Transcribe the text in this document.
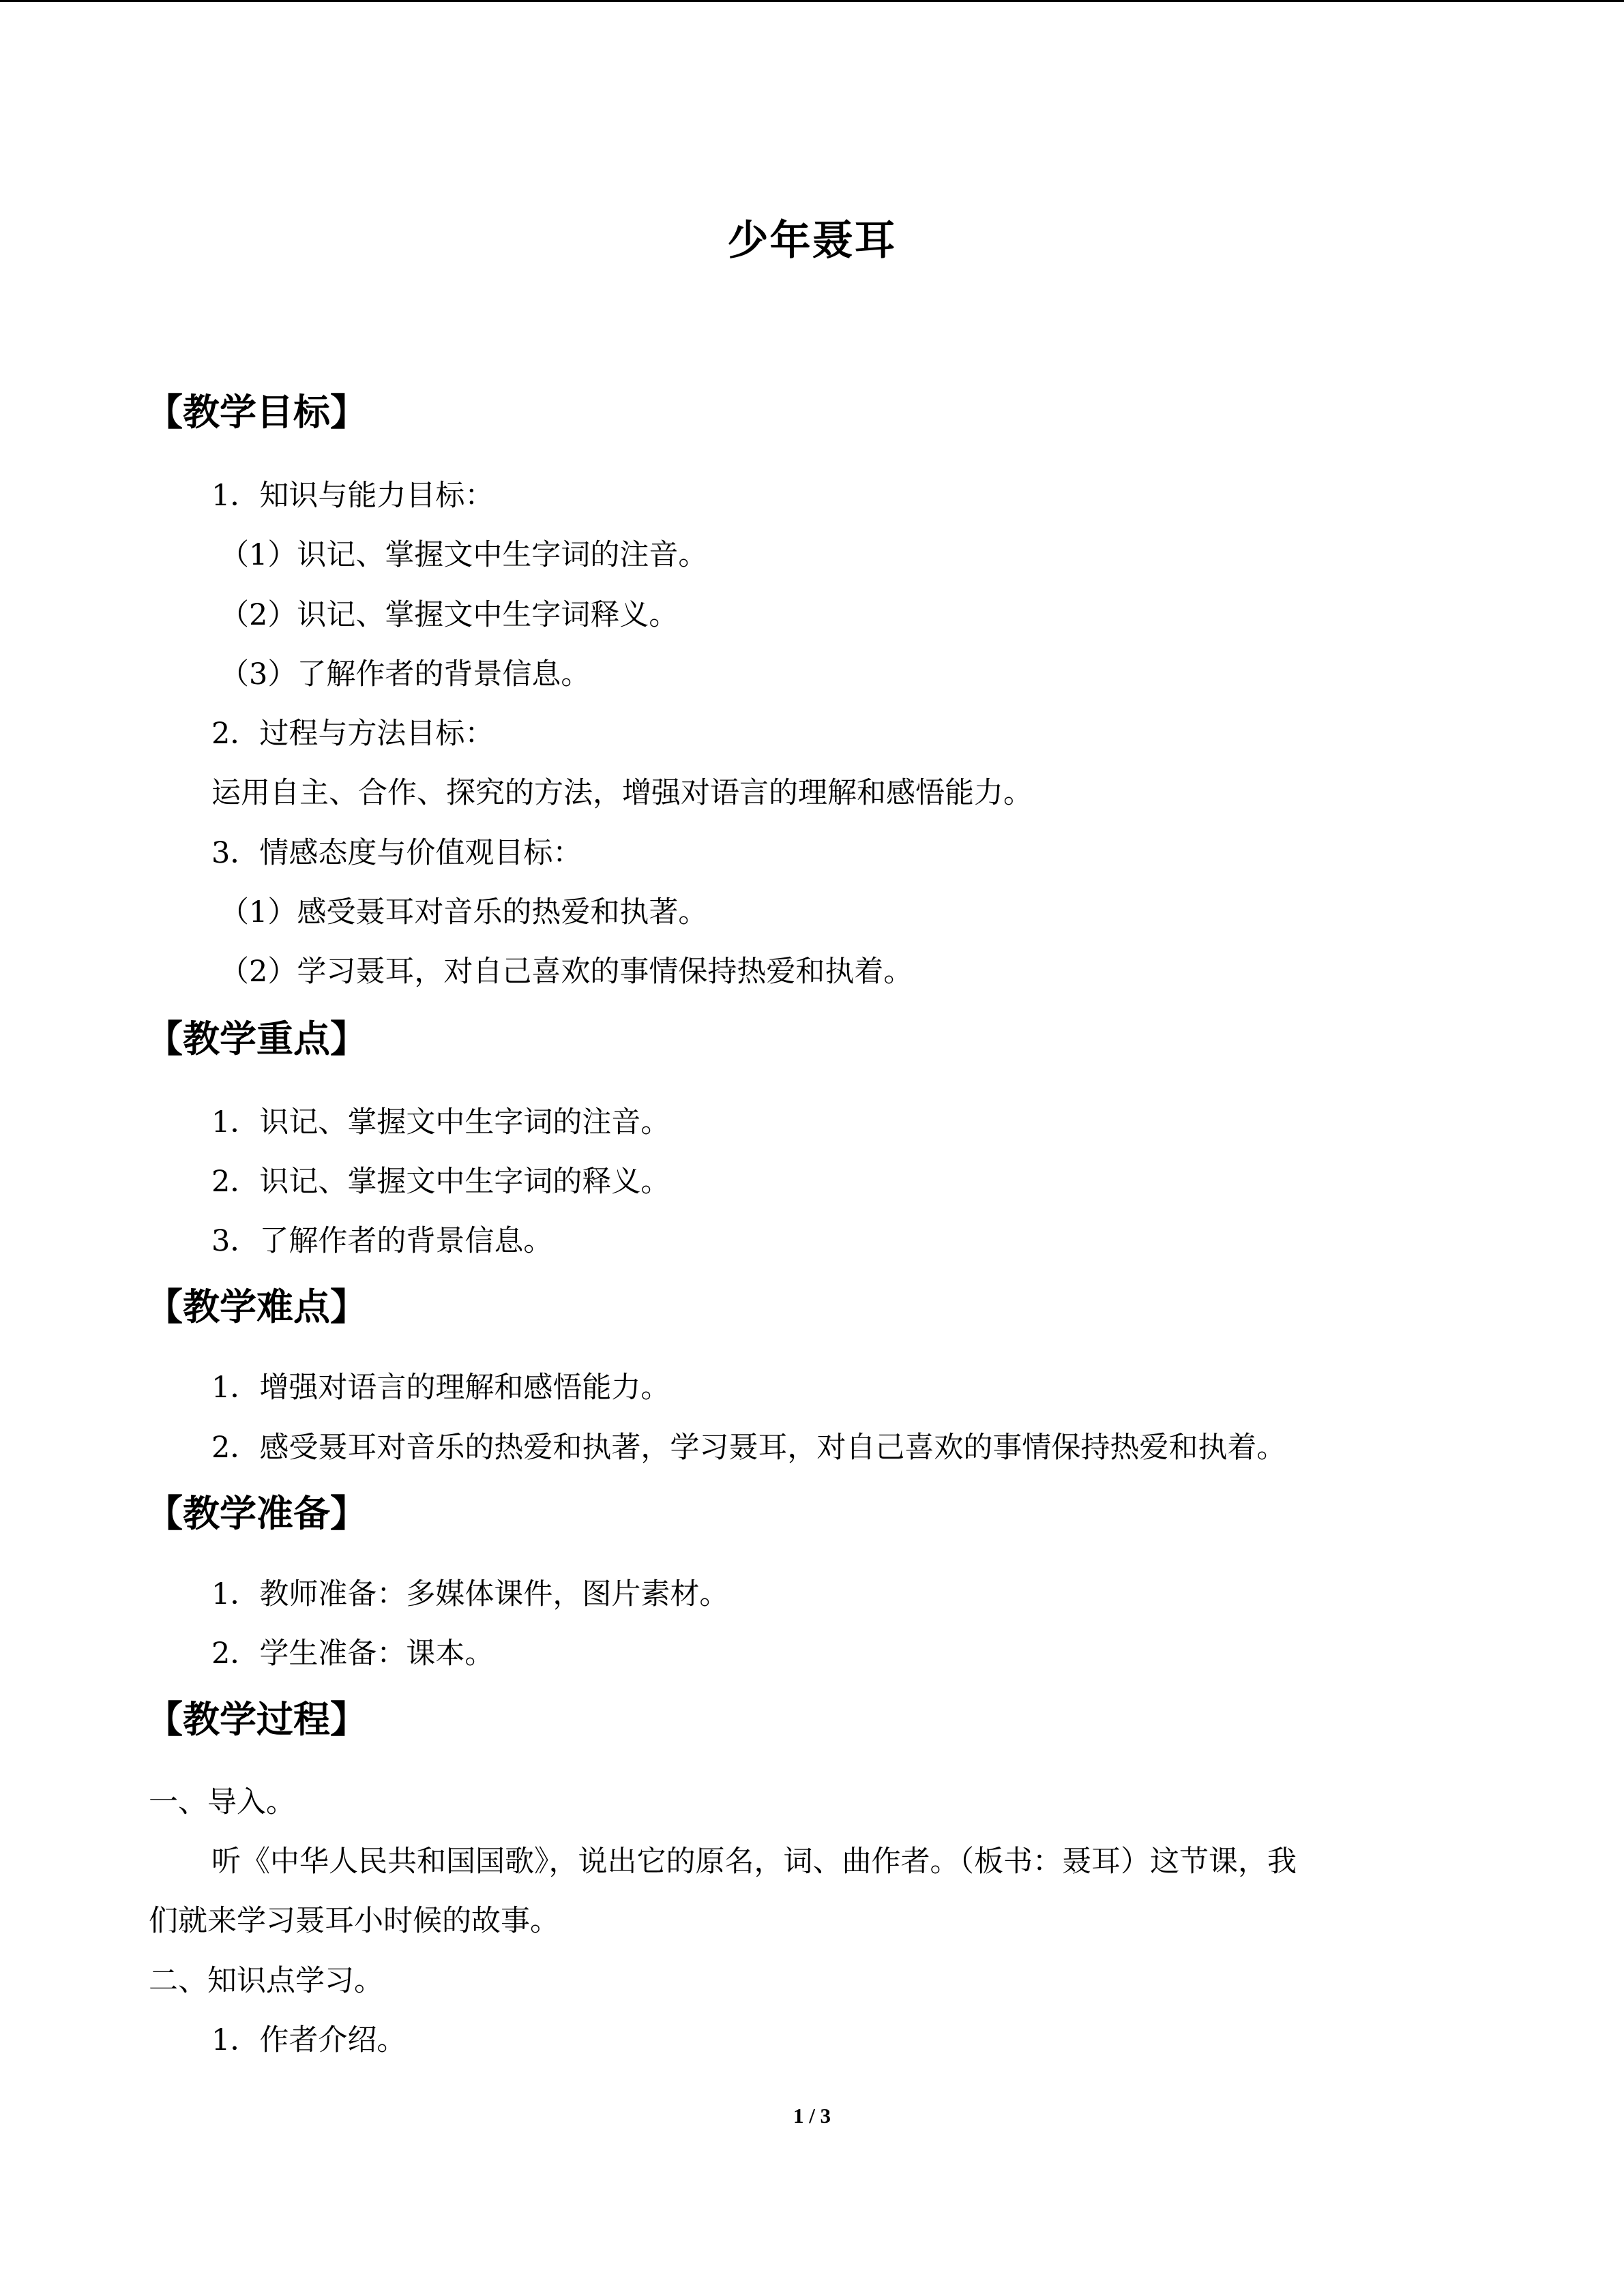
少年聂耳
【教学目标】
1．知识与能力目标：
（1）识记、掌握文中生字词的注音。
（2）识记、掌握文中生字词释义。
（3）了解作者的背景信息。
2．过程与方法目标：
运用自主、合作、探究的方法，增强对语言的理解和感悟能力。
3．情感态度与价值观目标：
（1）感受聂耳对音乐的热爱和执著。
（2）学习聂耳，对自己喜欢的事情保持热爱和执着。
【教学重点】
1．识记、掌握文中生字词的注音。
2．识记、掌握文中生字词的释义。
3．了解作者的背景信息。
【教学难点】
1．增强对语言的理解和感悟能力。
2．感受聂耳对音乐的热爱和执著，学习聂耳，对自己喜欢的事情保持热爱和执着。
【教学准备】
1．教师准备：多媒体课件，图片素材。
2．学生准备：课本。
【教学过程】
一、导入。
听《中华人民共和国国歌》，说出它的原名，词、曲作者。（板书：聂耳）这节课，我
们就来学习聂耳小时候的故事。
二、知识点学习。
1．作者介绍。
1 / 3
